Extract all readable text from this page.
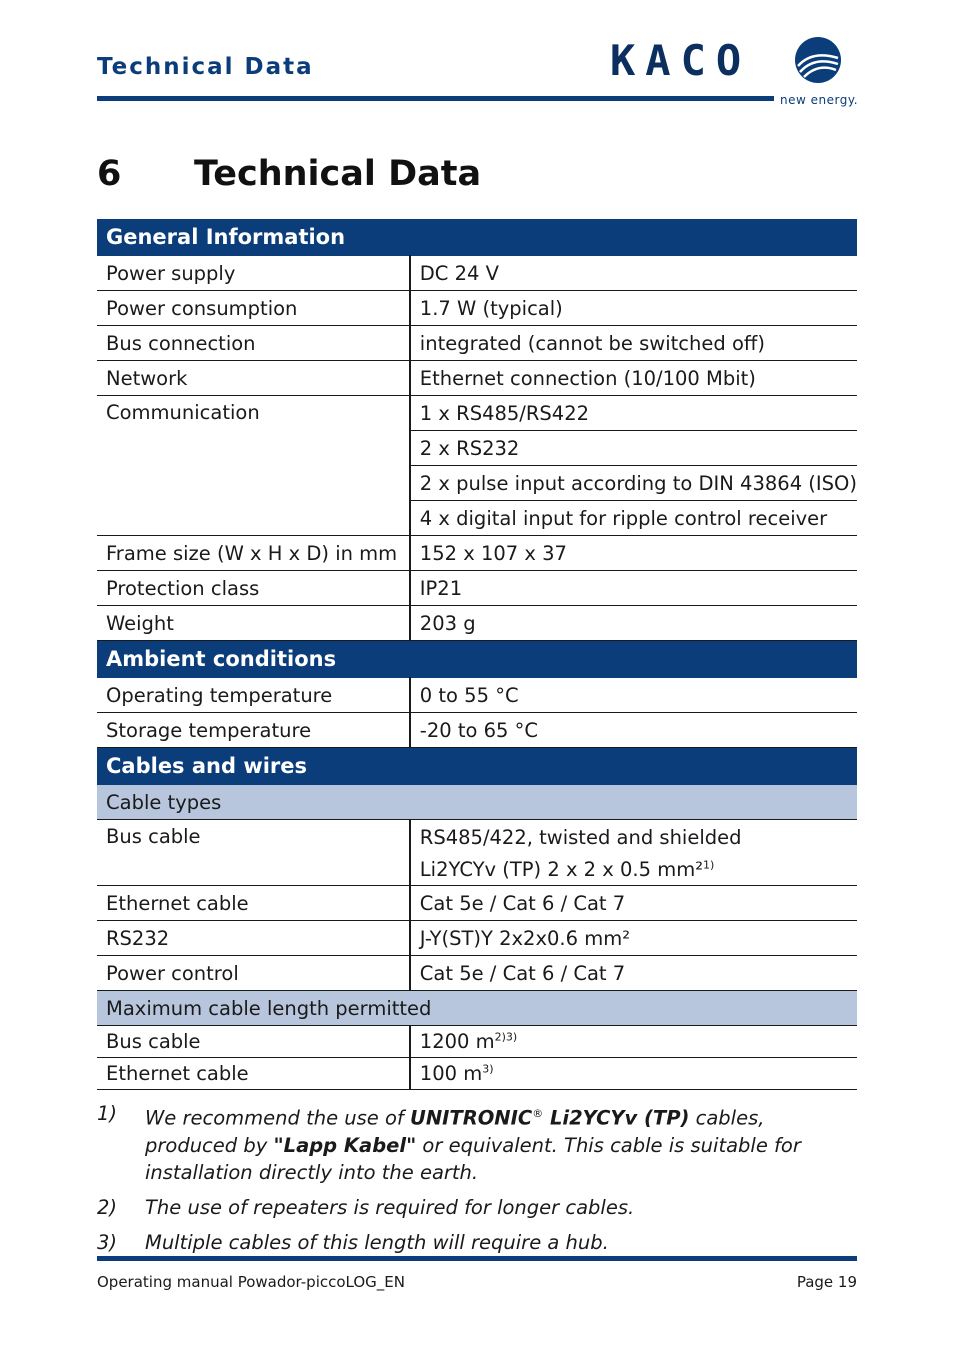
Technical Data	KACO
new energy.
6 Technical Data
General Information	
Power supply	DC 24 V
Power consumption	1.7 W (typical)
Bus connection	integrated (cannot be switched off)
Network	Ethernet connection (10/100 Mbit)
Communication	1 x RS485/RS422
	2 x RS232
	2 x pulse input according to DIN 43864 (ISO)
	4 x digital input for ripple control receiver
Frame size (W x H x D) in mm	152 x 107 x 37
Protection class	IP21
Weight	203 g
Ambient conditions	
Operating temperature	0 to 55 °C
Storage temperature	-20 to 65 °C
Cables and wires	
Cable types	
Bus cable	RS485/422, twisted and shielded
	Li2YCYv (TP) 2 x 2 x 0.5 mm²$^{1)}$
Ethernet cable	Cat 5e / Cat 6 / Cat 7
RS232	J-Y(ST)Y 2x2x0.6 mm²
Power control	Cat 5e / Cat 6 / Cat 7
Maximum cable length permitted	
Bus cable	1200 $m^{2)3)}$
Ethernet cable	100 $m^{3)}$
1)	We recommend the use of UNITRONIC® Li2YCYv (TP) cables, produced by "Lapp Kabel" or equivalent. This cable is suitable for installation directly into the earth.
2)	The use of repeaters is required for longer cables.
3)	Multiple cables of this length will require a hub.
Operating manual Powador-piccoLOG_EN	Page 19
